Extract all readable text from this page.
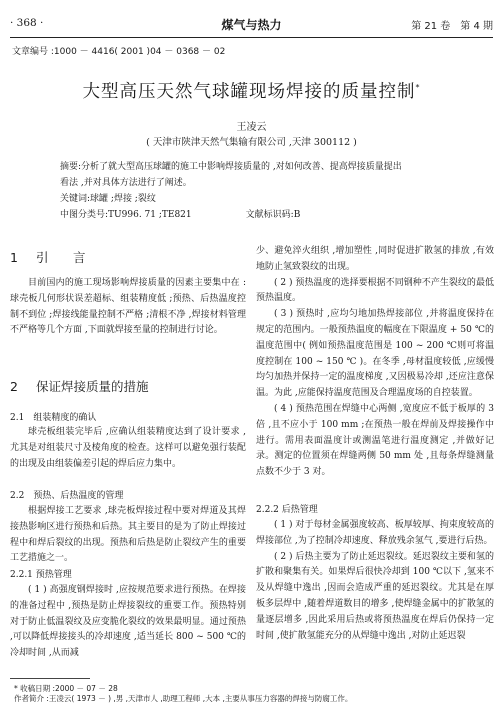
· 368 ·	煤气与热力	第 21 卷　第 4 期
文章编号 :1000 － 4416( 2001 )04 － 0368 － 02
大型高压天然气球罐现场焊接的质量控制*
王凌云
( 天津市陕津天然气集输有限公司 ,天津 300112 )
摘要:分析了就大型高压球罐的施工中影响焊接质量的 ,对如何改善、提高焊接质量提出
看法 ,并对具体方法进行了阐述。
关键词:球罐 ;焊接 ;裂纹
中图分类号:TU996. 71 ;TE821	文献标识码:B
1 引　言

目前国内的施工现场影响焊接质量的因素主要集中在 :球壳板几何形状误差超标、组装精度低 ;预热、后热温度控制不到位 ;焊接线能量控制不严格 ;清根不净 ,焊接材料管理不严格等几个方面 ,下面就焊接至量的控制进行讨论。

2 保证焊接质量的措施
2.1　组装精度的确认

球壳板组装完毕后 ,应确认组装精度达到了设计要求 ,尤其是对组装尺寸及棱角度的检查。这样可以避免强行装配的出现及由组装偏差引起的焊后应力集中。

2.2　预热、后热温度的管理

根据焊接工艺要求 ,球壳板焊接过程中要对焊道及其焊接热影响区进行预热和后热。其主要目的是为了防止焊接过程中和焊后裂纹的出现。预热和后热是防止裂纹产生的重要工艺措施之一。

2.2.1 预热管理

( 1 ) 高强度钢焊接时 ,应按规范要求进行预热。在焊接的准备过程中 ,预热是防止焊接裂纹的重要工作。预热特别对于防止低温裂纹及应变脆化裂纹的效果最明显。通过预热 ,可以降低焊接接头的冷却速度 ,适当延长 800 ~ 500 ℃的冷却时间 ,从而减

少、避免淬火组织 ,增加塑性 ,同时促进扩散氢的排放 ,有效地防止氢致裂纹的出现。

( 2 ) 预热温度的选择要根据不同钢种不产生裂纹的最低预热温度。

( 3 ) 预热时 ,应均匀地加热焊接部位 ,并将温度保持在规定的范围内。一般预热温度的幅度在下限温度 + 50 ℃的温度范围中( 例如预热温度范围是 100 ~ 200 ℃则可将温度控制在 100 ~ 150 ℃ )。在冬季 ,母材温度较低 ,应缓慢均匀加热并保持一定的温度梯度 ,又因极易冷却 ,还应注意保温。为此 ,应能保持温度范围及合理温度场的自控装置。

( 4 ) 预热范围在焊缝中心两侧 ,宽度应不低于板厚的 3 倍 ,且不应小于 100 mm ;在预热一般在焊前及焊接操作中进行。需用表面温度计或测温笔进行温度测定 ,并做好记录。测定的位置须在焊缝两侧 50 mm 处 ,且每条焊缝测量点数不少于 3 对。

2.2.2 后热管理

( 1 ) 对于每材金属强度较高、板厚较厚、拘束度较高的焊接部位 ,为了控制冷却速度、释放残余氢气 ,要进行后热。

( 2 ) 后热主要为了防止延迟裂纹。延迟裂纹主要和氢的扩散和聚集有关。如果焊后很快冷却到 100 ℃以下 ,氢来不及从焊缝中逸出 ,因而会造成严重的延迟裂纹。尤其是在厚板多层焊中 ,随着焊道数目的增多 ,使焊缝金属中的扩散氢的量逐层增多 ,因此采用后热或将预热温度在焊后仍保持一定时间 ,使扩散氢能充分的从焊缝中逸出 ,对防止延迟裂

* 收稿日期 :2000 － 07 － 28
作者简介 :王凌云( 1973 － ) ,男 ,天津市人 ,助理工程师 ,大本 ,主要从事压力容器的焊接与防腐工作。
